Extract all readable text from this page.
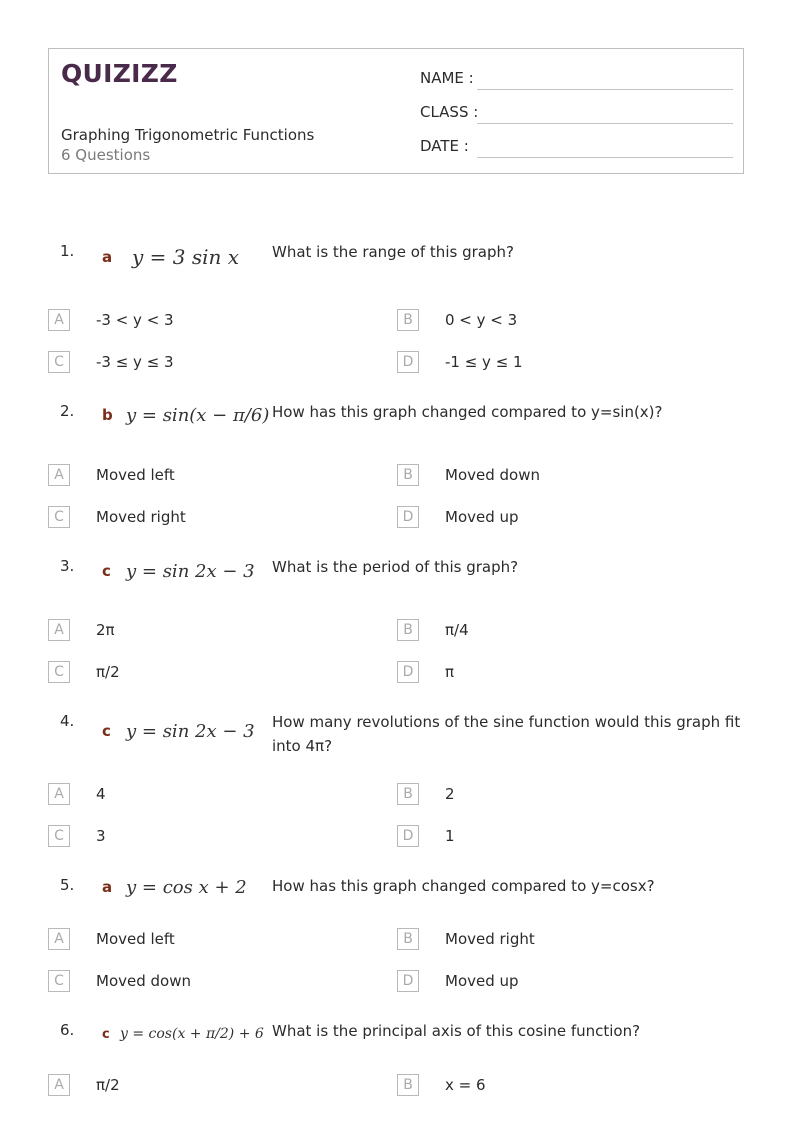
QUIZIZZ
Graphing Trigonometric Functions
6 Questions
NAME :
CLASS :
DATE :
1. a y = 3 sin x What is the range of this graph?
A	-3 < y < 3	B	0 < y < 3
C	-3 ≤ y ≤ 3	D	-1 ≤ y ≤ 1
2. b y = sin(x − π/6) How has this graph changed compared to y=sin(x)?
A	Moved left	B	Moved down
C	Moved right	D	Moved up
3. c y = sin 2x − 3 What is the period of this graph?
A	2π	B	π/4
C	π/2	D	π
4.
c y = sin 2x − 3 How many revolutions of the sine function would this graph fit into 4π?
A	4	B	2
C	3	D	1
5. a y = cos x + 2 How has this graph changed compared to y=cosx?
A	Moved left	B	Moved right
C	Moved down	D	Moved up
6. c y = cos(x + π/2) + 6 What is the principal axis of this cosine function?
A	π/2	B	x = 6
